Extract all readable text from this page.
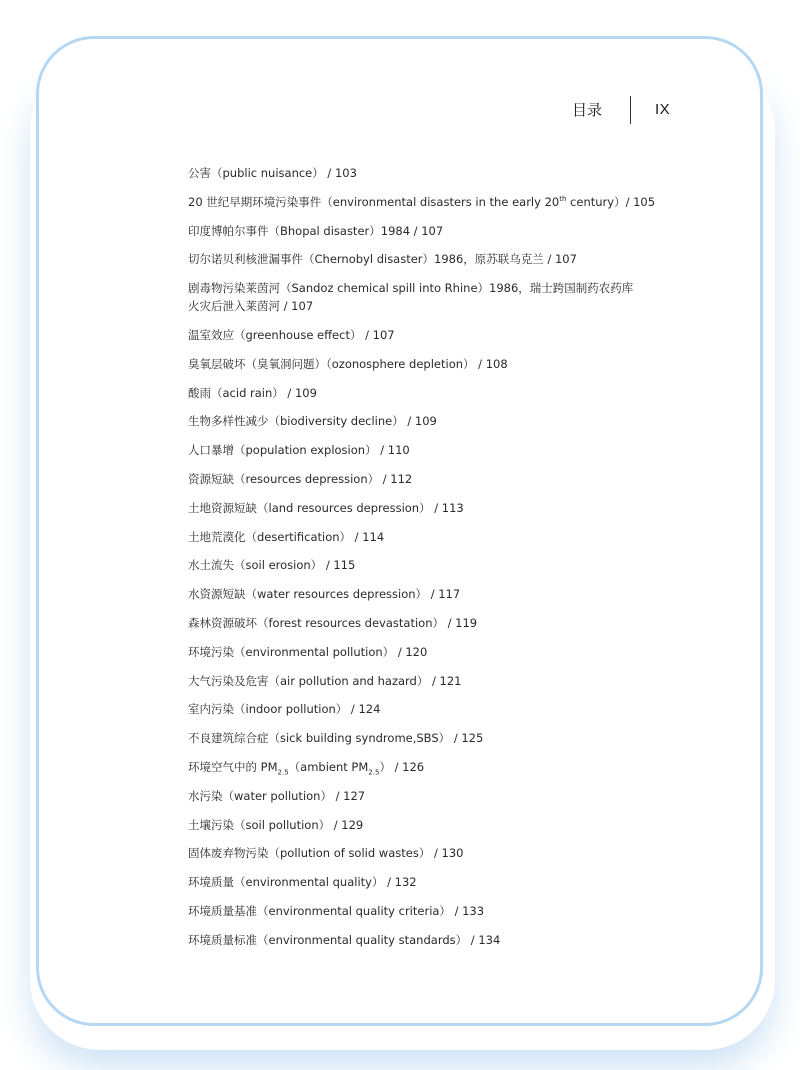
目录	IX
公害（public nuisance） / 103
20 世纪早期环境污染事件（environmental disasters in the early 20th century）/ 105
印度博帕尔事件（Bhopal disaster）1984 / 107
切尔诺贝利核泄漏事件（Chernobyl disaster）1986，原苏联乌克兰 / 107
剧毒物污染莱茵河（Sandoz chemical spill into Rhine）1986，瑞士跨国制药农药库
火灾后泄入莱茵河 / 107
温室效应（greenhouse effect） / 107
臭氧层破坏（臭氧洞问题）（ozonosphere depletion） / 108
酸雨（acid rain） / 109
生物多样性减少（biodiversity decline） / 109
人口暴增（population explosion） / 110
资源短缺（resources depression） / 112
土地资源短缺（land resources depression） / 113
土地荒漠化（desertification） / 114
水土流失（soil erosion） / 115
水资源短缺（water resources depression） / 117
森林资源破坏（forest resources devastation） / 119
环境污染（environmental pollution） / 120
大气污染及危害（air pollution and hazard） / 121
室内污染（indoor pollution） / 124
不良建筑综合症（sick building syndrome,SBS） / 125
环境空气中的 $PM_{2.5}(ambient$ $PM_{2.5}) / 126$
水污染（water pollution） / 127
土壤污染（soil pollution） / 129
固体废弃物污染（pollution of solid wastes） / 130
环境质量（environmental quality） / 132
环境质量基准（environmental quality criteria） / 133
环境质量标准（environmental quality standards） / 134
